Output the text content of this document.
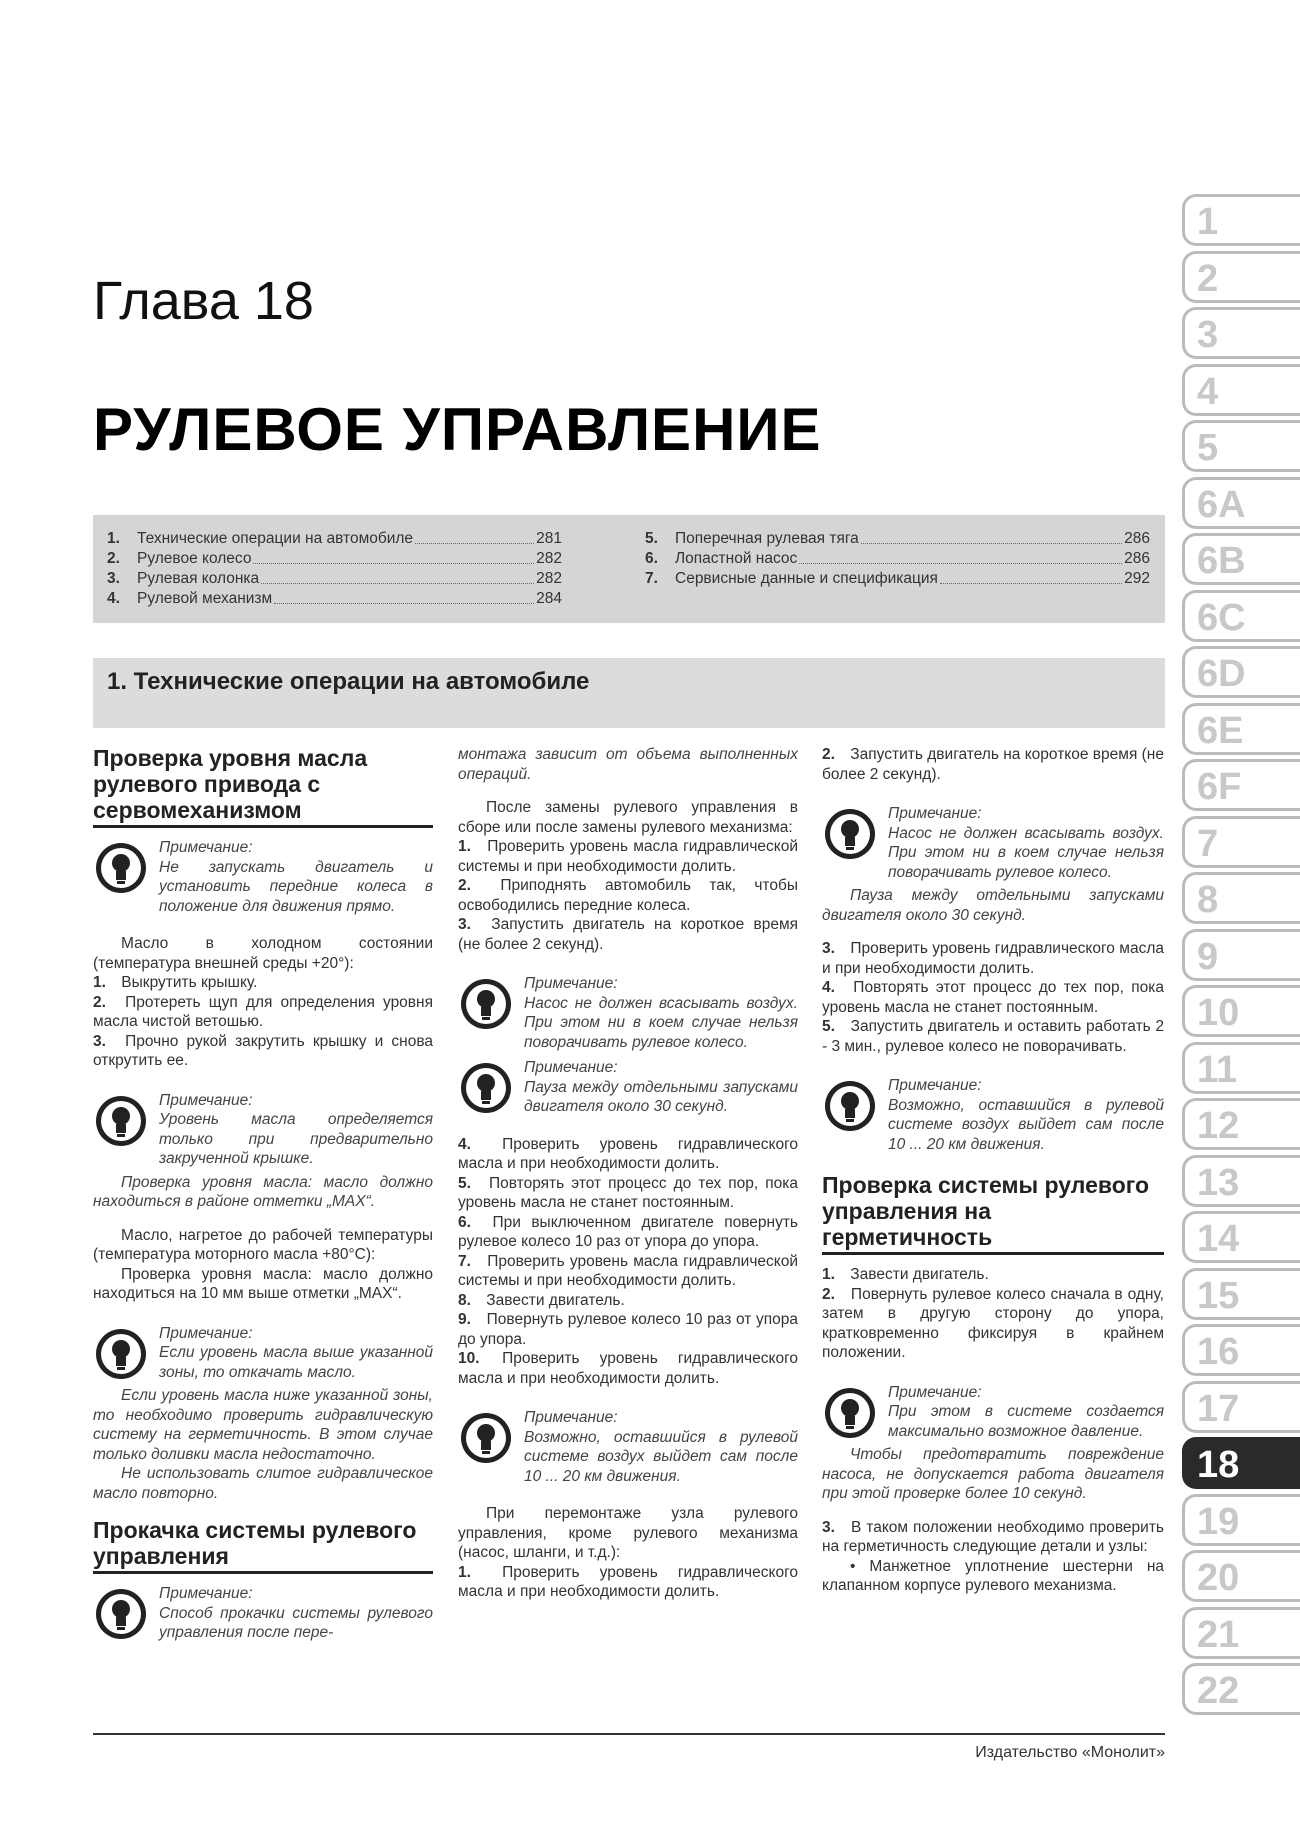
Глава 18
РУЛЕВОЕ УПРАВЛЕНИЕ
1.	Технические операции на автомобиле	281
2.	Рулевое колесо	282
3.	Рулевая колонка	282
4.	Рулевой механизм	284
5.	Поперечная рулевая тяга	286
6.	Лопастной насос	286
7.	Сервисные данные и спецификация	292
1. Технические операции на автомобиле
Проверка уровня масла рулевого привода с сервомеханизмом

Примечание:

Не запускать двигатель и установить передние колеса в положение для движения прямо.

Масло в холодном состоянии (температура внешней среды +20°):

1. Выкрутить крышку.

2. Протереть щуп для определения уровня масла чистой ветошью.

3. Прочно рукой закрутить крышку и снова открутить ее.

Примечание:

Уровень масла определяется только при предварительно закрученной крышке.

Проверка уровня масла: масло должно находиться в районе отметки „MAX“.

Масло, нагретое до рабочей температуры (температура моторного масла +80°С):

Проверка уровня масла: масло должно находиться на 10 мм выше отметки „MAX“.

Примечание:

Если уровень масла выше указанной зоны, то откачать масло.

Если уровень масла ниже указанной зоны, то необходимо проверить гидравлическую систему на герметичность. В этом случае только доливки масла недостаточно.

Не использовать слитое гидравлическое масло повторно.

Прокачка системы рулевого управления

Примечание:

Способ прокачки системы рулевого управления после пере-

монтажа зависит от объема выполненных операций.

После замены рулевого управления в сборе или после замены рулевого механизма:

1. Проверить уровень масла гидравлической системы и при необходимости долить.

2. Приподнять автомобиль так, чтобы освободились передние колеса.

3. Запустить двигатель на короткое время (не более 2 секунд).

Примечание:

Насос не должен всасывать воздух. При этом ни в коем случае нельзя поворачивать рулевое колесо.

Примечание:

Пауза между отдельными запусками двигателя около 30 секунд.

4. Проверить уровень гидравлического масла и при необходимости долить.

5. Повторять этот процесс до тех пор, пока уровень масла не станет постоянным.

6. При выключенном двигателе повернуть рулевое колесо 10 раз от упора до упора.

7. Проверить уровень масла гидравлической системы и при необходимости долить.

8. Завести двигатель.

9. Повернуть рулевое колесо 10 раз от упора до упора.

10. Проверить уровень гидравлического масла и при необходимости долить.

Примечание:

Возможно, оставшийся в рулевой системе воздух выйдет сам после 10 ... 20 км движения.

При перемонтаже узла рулевого управления, кроме рулевого механизма (насос, шланги, и т.д.):

1. Проверить уровень гидравлического масла и при необходимости долить.

2. Запустить двигатель на короткое время (не более 2 секунд).

Примечание:

Насос не должен всасывать воздух. При этом ни в коем случае нельзя поворачивать рулевое колесо.

Пауза между отдельными запусками двигателя около 30 секунд.

3. Проверить уровень гидравлического масла и при необходимости долить.

4. Повторять этот процесс до тех пор, пока уровень масла не станет постоянным.

5. Запустить двигатель и оставить работать 2 - 3 мин., рулевое колесо не поворачивать.

Примечание:

Возможно, оставшийся в рулевой системе воздух выйдет сам после 10 ... 20 км движения.

Проверка системы рулевого управления на герметичность

1. Завести двигатель.

2. Повернуть рулевое колесо сначала в одну, затем в другую сторону до упора, кратковременно фиксируя в крайнем положении.

Примечание:

При этом в системе создается максимально возможное давление.

Чтобы предотвратить повреждение насоса, не допускается работа двигателя при этой проверке более 10 секунд.

3. В таком положении необходимо проверить на герметичность следующие детали и узлы:

• Манжетное уплотнение шестерни на клапанном корпусе рулевого механизма.

1
2
3
4
5
6A
6B
6C
6D
6E
6F
7
8
9
10
11
12
13
14
15
16
17
18
19
20
21
22
Издательство «Монолит»
